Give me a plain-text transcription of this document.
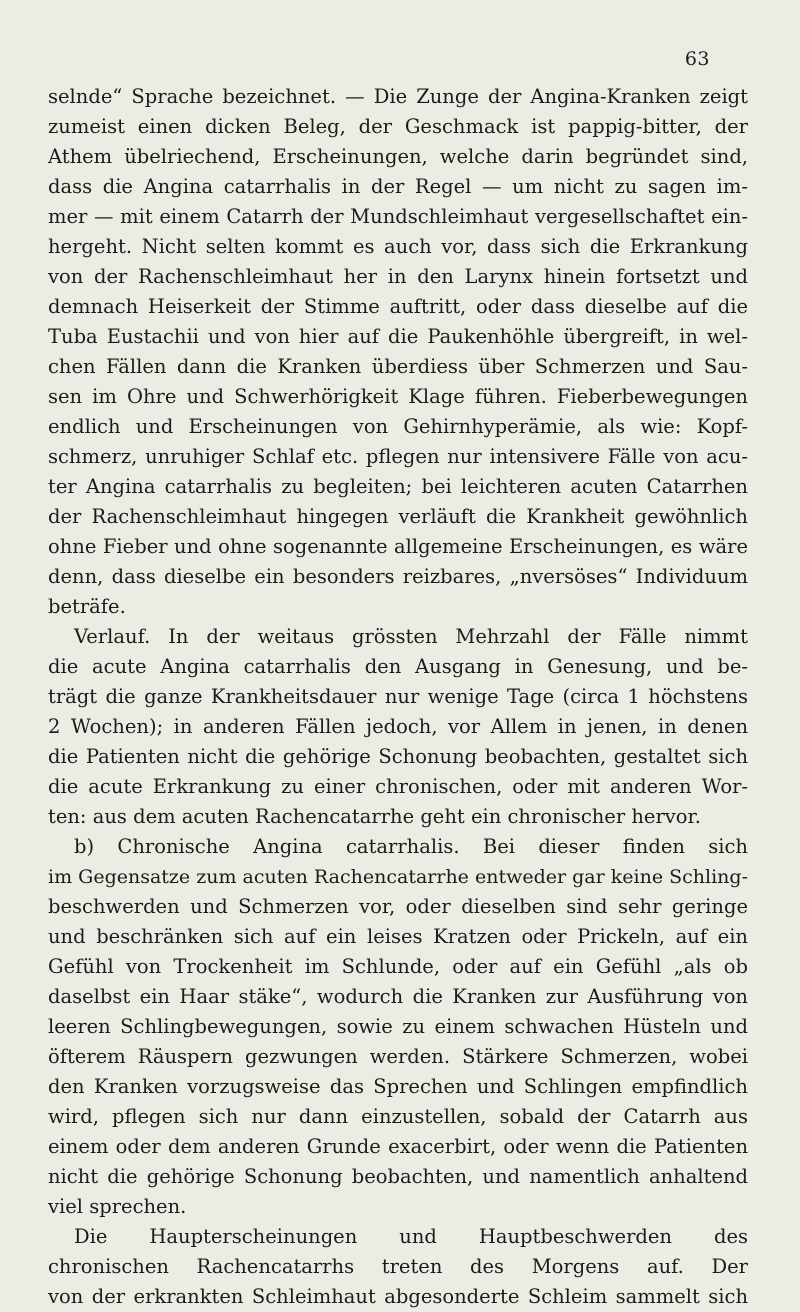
63
selnde“ Sprache bezeichnet. — Die Zunge der Angina-Kranken zeigt
zumeist einen dicken Beleg, der Geschmack ist pappig-bitter, der
Athem übelriechend, Erscheinungen, welche darin begründet sind,
dass die Angina catarrhalis in der Regel — um nicht zu sagen im-
mer — mit einem Catarrh der Mundschleimhaut vergesellschaftet ein-
hergeht. Nicht selten kommt es auch vor, dass sich die Erkrankung
von der Rachenschleimhaut her in den Larynx hinein fortsetzt und
demnach Heiserkeit der Stimme auftritt, oder dass dieselbe auf die
Tuba Eustachii und von hier auf die Paukenhöhle übergreift, in wel-
chen Fällen dann die Kranken überdiess über Schmerzen und Sau-
sen im Ohre und Schwerhörigkeit Klage führen. Fieberbewegungen
endlich und Erscheinungen von Gehirnhyperämie, als wie: Kopf-
schmerz, unruhiger Schlaf etc. pflegen nur intensivere Fälle von acu-
ter Angina catarrhalis zu begleiten; bei leichteren acuten Catarrhen
der Rachenschleimhaut hingegen verläuft die Krankheit gewöhnlich
ohne Fieber und ohne sogenannte allgemeine Erscheinungen, es wäre
denn, dass dieselbe ein besonders reizbares, „nversöses“ Individuum
beträfe.
Verlauf. In der weitaus grössten Mehrzahl der Fälle nimmt
die acute Angina catarrhalis den Ausgang in Genesung, und be-
trägt die ganze Krankheitsdauer nur wenige Tage (circa 1 höchstens
2 Wochen); in anderen Fällen jedoch, vor Allem in jenen, in denen
die Patienten nicht die gehörige Schonung beobachten, gestaltet sich
die acute Erkrankung zu einer chronischen, oder mit anderen Wor-
ten: aus dem acuten Rachencatarrhe geht ein chronischer hervor.
b) Chronische Angina catarrhalis. Bei dieser finden sich
im Gegensatze zum acuten Rachencatarrhe entweder gar keine Schling-
beschwerden und Schmerzen vor, oder dieselben sind sehr geringe
und beschränken sich auf ein leises Kratzen oder Prickeln, auf ein
Gefühl von Trockenheit im Schlunde, oder auf ein Gefühl „als ob
daselbst ein Haar stäke“, wodurch die Kranken zur Ausführung von
leeren Schlingbewegungen, sowie zu einem schwachen Hüsteln und
öfterem Räuspern gezwungen werden. Stärkere Schmerzen, wobei
den Kranken vorzugsweise das Sprechen und Schlingen empfindlich
wird, pflegen sich nur dann einzustellen, sobald der Catarrh aus
einem oder dem anderen Grunde exacerbirt, oder wenn die Patienten
nicht die gehörige Schonung beobachten, und namentlich anhaltend
viel sprechen.
Die Haupterscheinungen und Hauptbeschwerden des
chronischen Rachencatarrhs treten des Morgens auf. Der
von der erkrankten Schleimhaut abgesonderte Schleim sammelt sich
